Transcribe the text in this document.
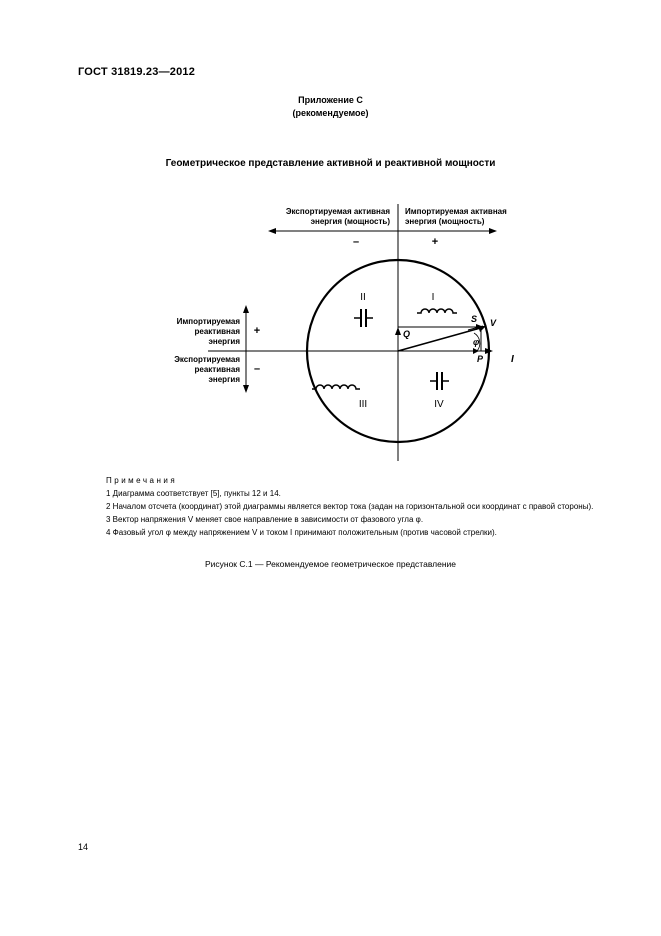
ГОСТ 31819.23—2012
Приложение С
(рекомендуемое)
Геометрическое представление активной и реактивной мощности
Экспортируемая активная
энергия (мощность)
Импортируемая активная
энергия (мощность)
Импортируемая
реактивная
энергия
Экспортируемая
реактивная
энергия
–	+
+
–
I
II
III	IV
S V
Q
φ
P	I
Примечания

1 Диаграмма соответствует [5], пункты 12 и 14.

2 Началом отсчета (координат) этой диаграммы является вектор тока (задан на горизонтальной оси координат с правой стороны).

3 Вектор напряжения V меняет свое направление в зависимости от фазового угла φ.

4 Фазовый угол φ между напряжением V и током I принимают положительным (против часовой стрелки).

Рисунок С.1 — Рекомендуемое геометрическое представление
14
